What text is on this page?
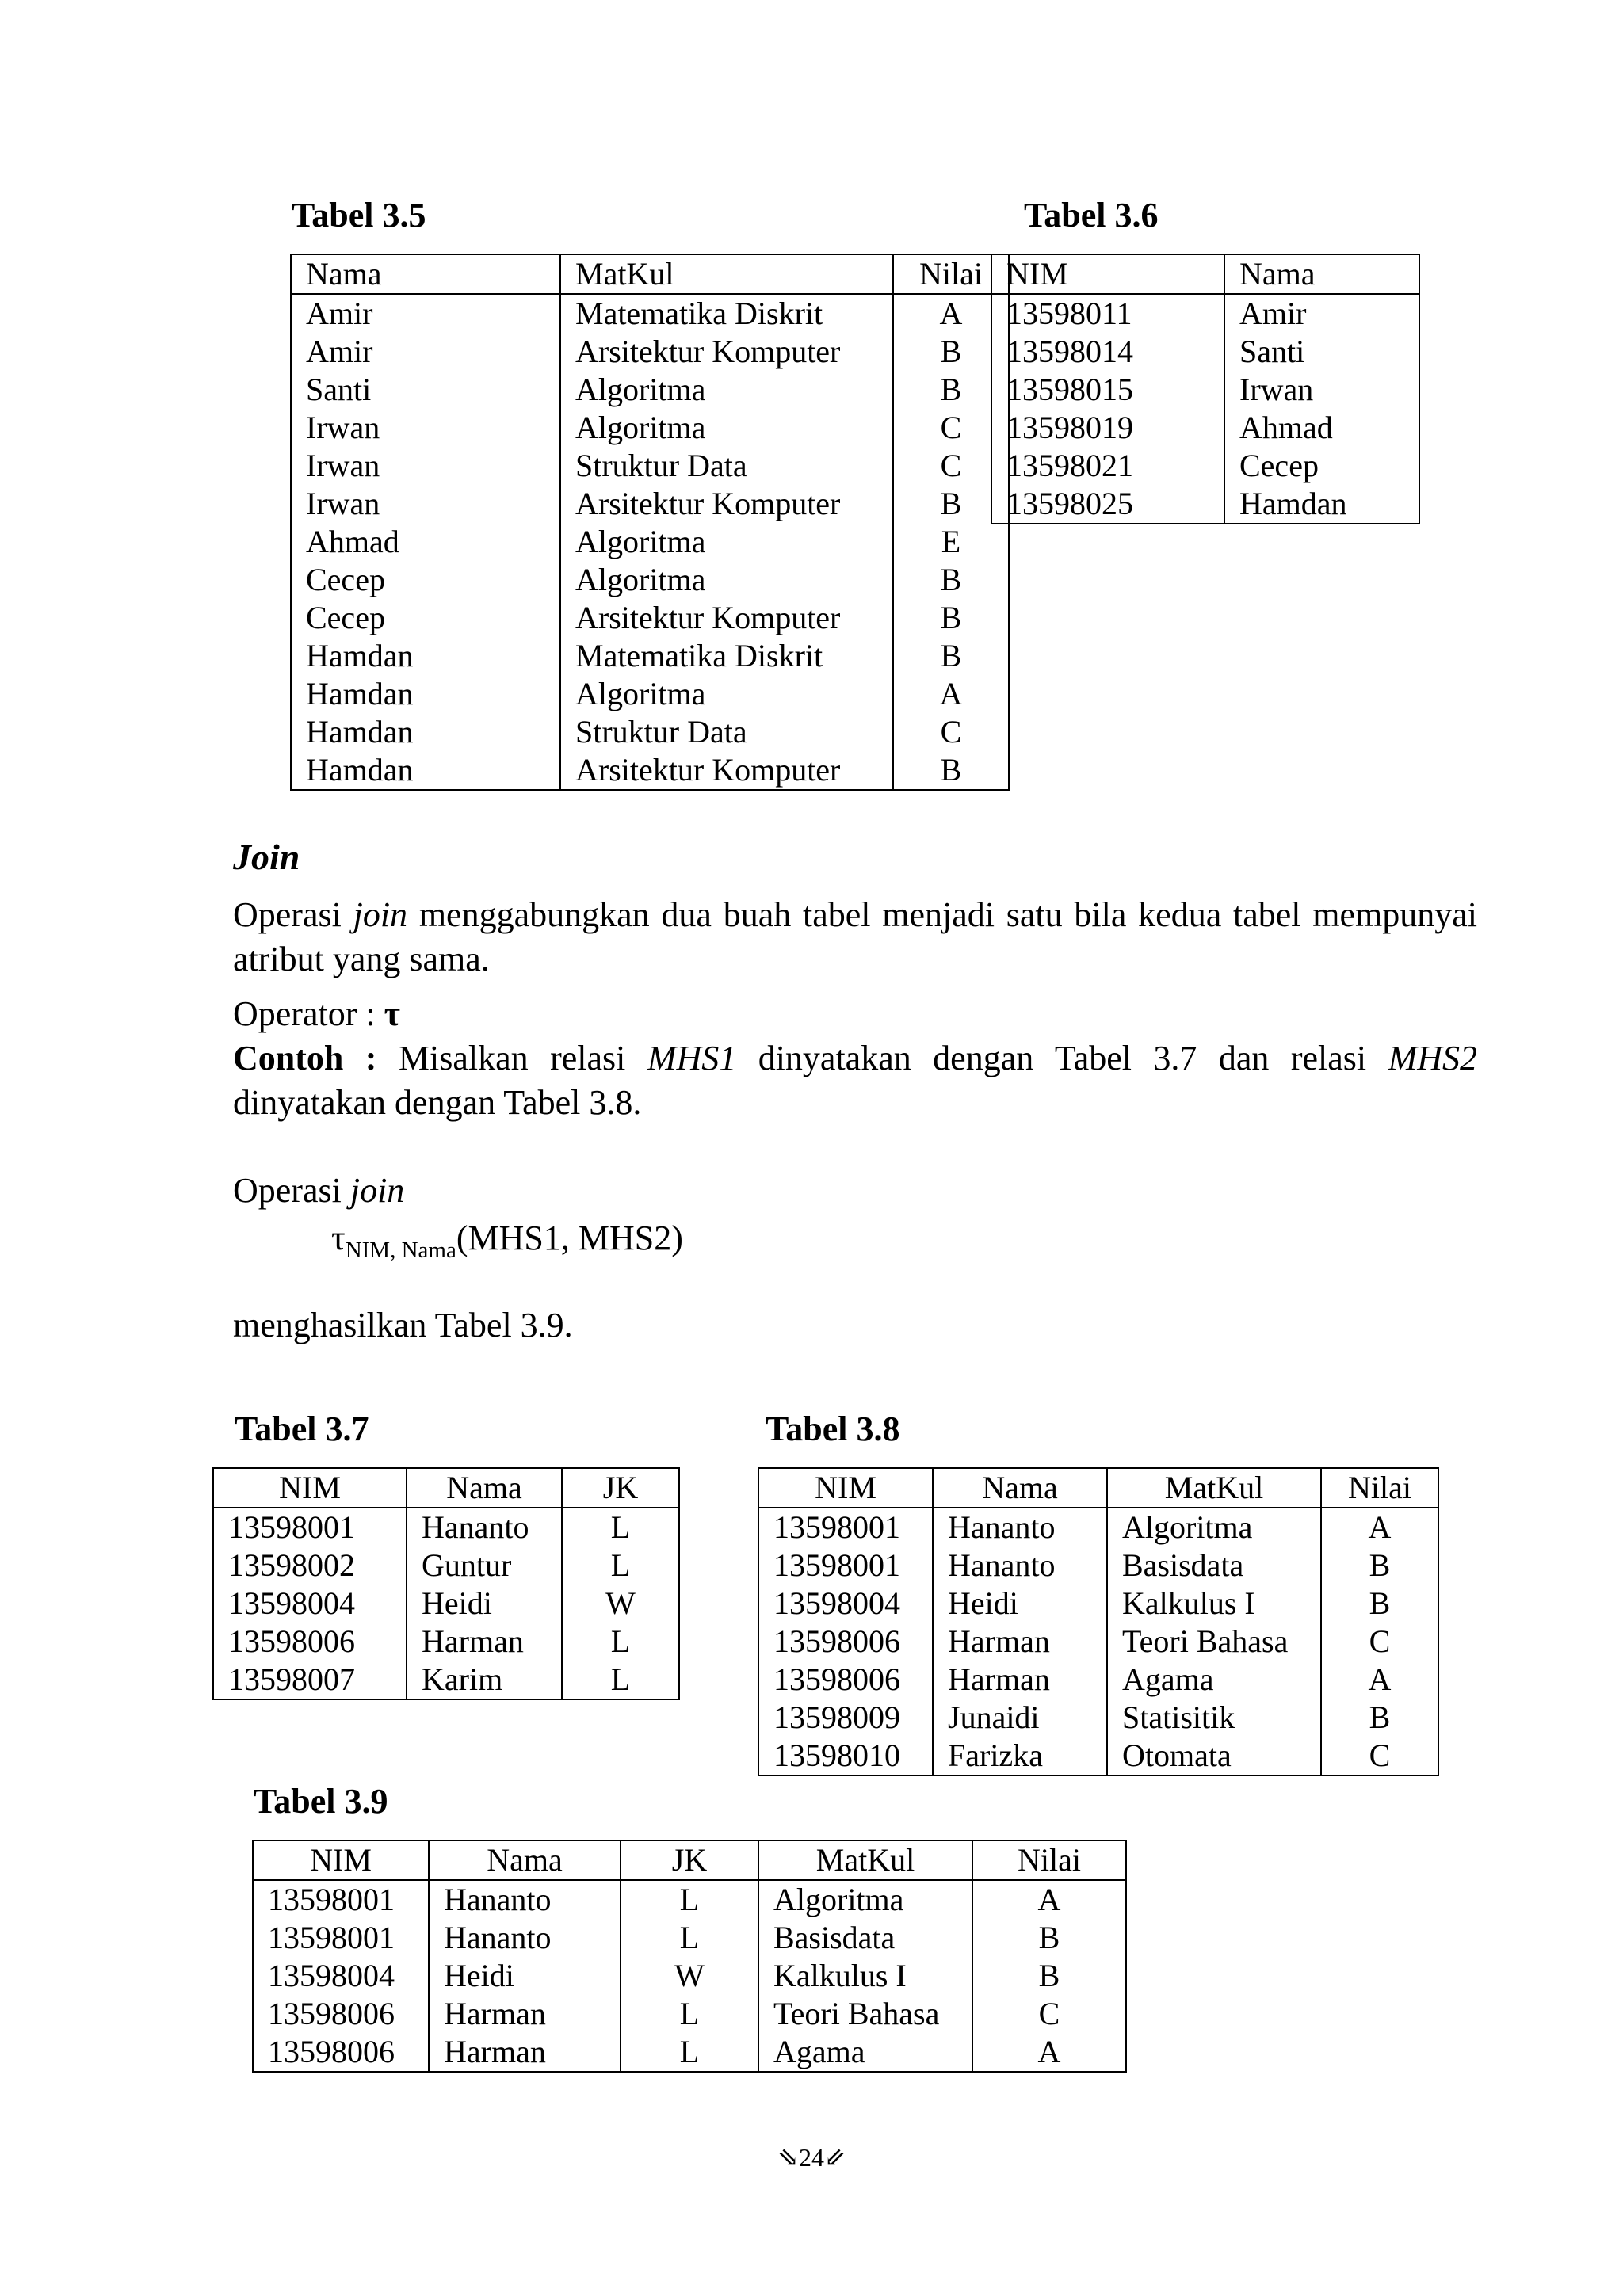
Tabel 3.5
Nama	MatKul	Nilai
Amir	Matematika Diskrit	A
Amir	Arsitektur Komputer	B
Santi	Algoritma	B
Irwan	Algoritma	C
Irwan	Struktur Data	C
Irwan	Arsitektur Komputer	B
Ahmad	Algoritma	E
Cecep	Algoritma	B
Cecep	Arsitektur Komputer	B
Hamdan	Matematika Diskrit	B
Hamdan	Algoritma	A
Hamdan	Struktur Data	C
Hamdan	Arsitektur Komputer	B
Tabel 3.6
NIM	Nama
13598011	Amir
13598014	Santi
13598015	Irwan
13598019	Ahmad
13598021	Cecep
13598025	Hamdan
Join
Operasi join menggabungkan dua buah tabel menjadi satu bila kedua tabel mempunyai atribut yang sama.
Operator : τ
Contoh : Misalkan relasi MHS1 dinyatakan dengan Tabel 3.7 dan relasi MHS2 dinyatakan dengan Tabel 3.8.
Operasi join
$\tau_{NIM, Nama}(MHS1$, MHS2)
menghasilkan Tabel 3.9.
Tabel 3.7
NIM	Nama	JK
13598001	Hananto	L
13598002	Guntur	L
13598004	Heidi	W
13598006	Harman	L
13598007	Karim	L
Tabel 3.8
NIM	Nama	MatKul	Nilai
13598001	Hananto	Algoritma	A
13598001	Hananto	Basisdata	B
13598004	Heidi	Kalkulus I	B
13598006	Harman	Teori Bahasa	C
13598006	Harman	Agama	A
13598009	Junaidi	Statisitik	B
13598010	Farizka	Otomata	C
Tabel 3.9
NIM	Nama	JK	MatKul	Nilai
13598001	Hananto	L	Algoritma	A
13598001	Hananto	L	Basisdata	B
13598004	Heidi	W	Kalkulus I	B
13598006	Harman	L	Teori Bahasa	C
13598006	Harman	L	Agama	A
⇘24⇙
